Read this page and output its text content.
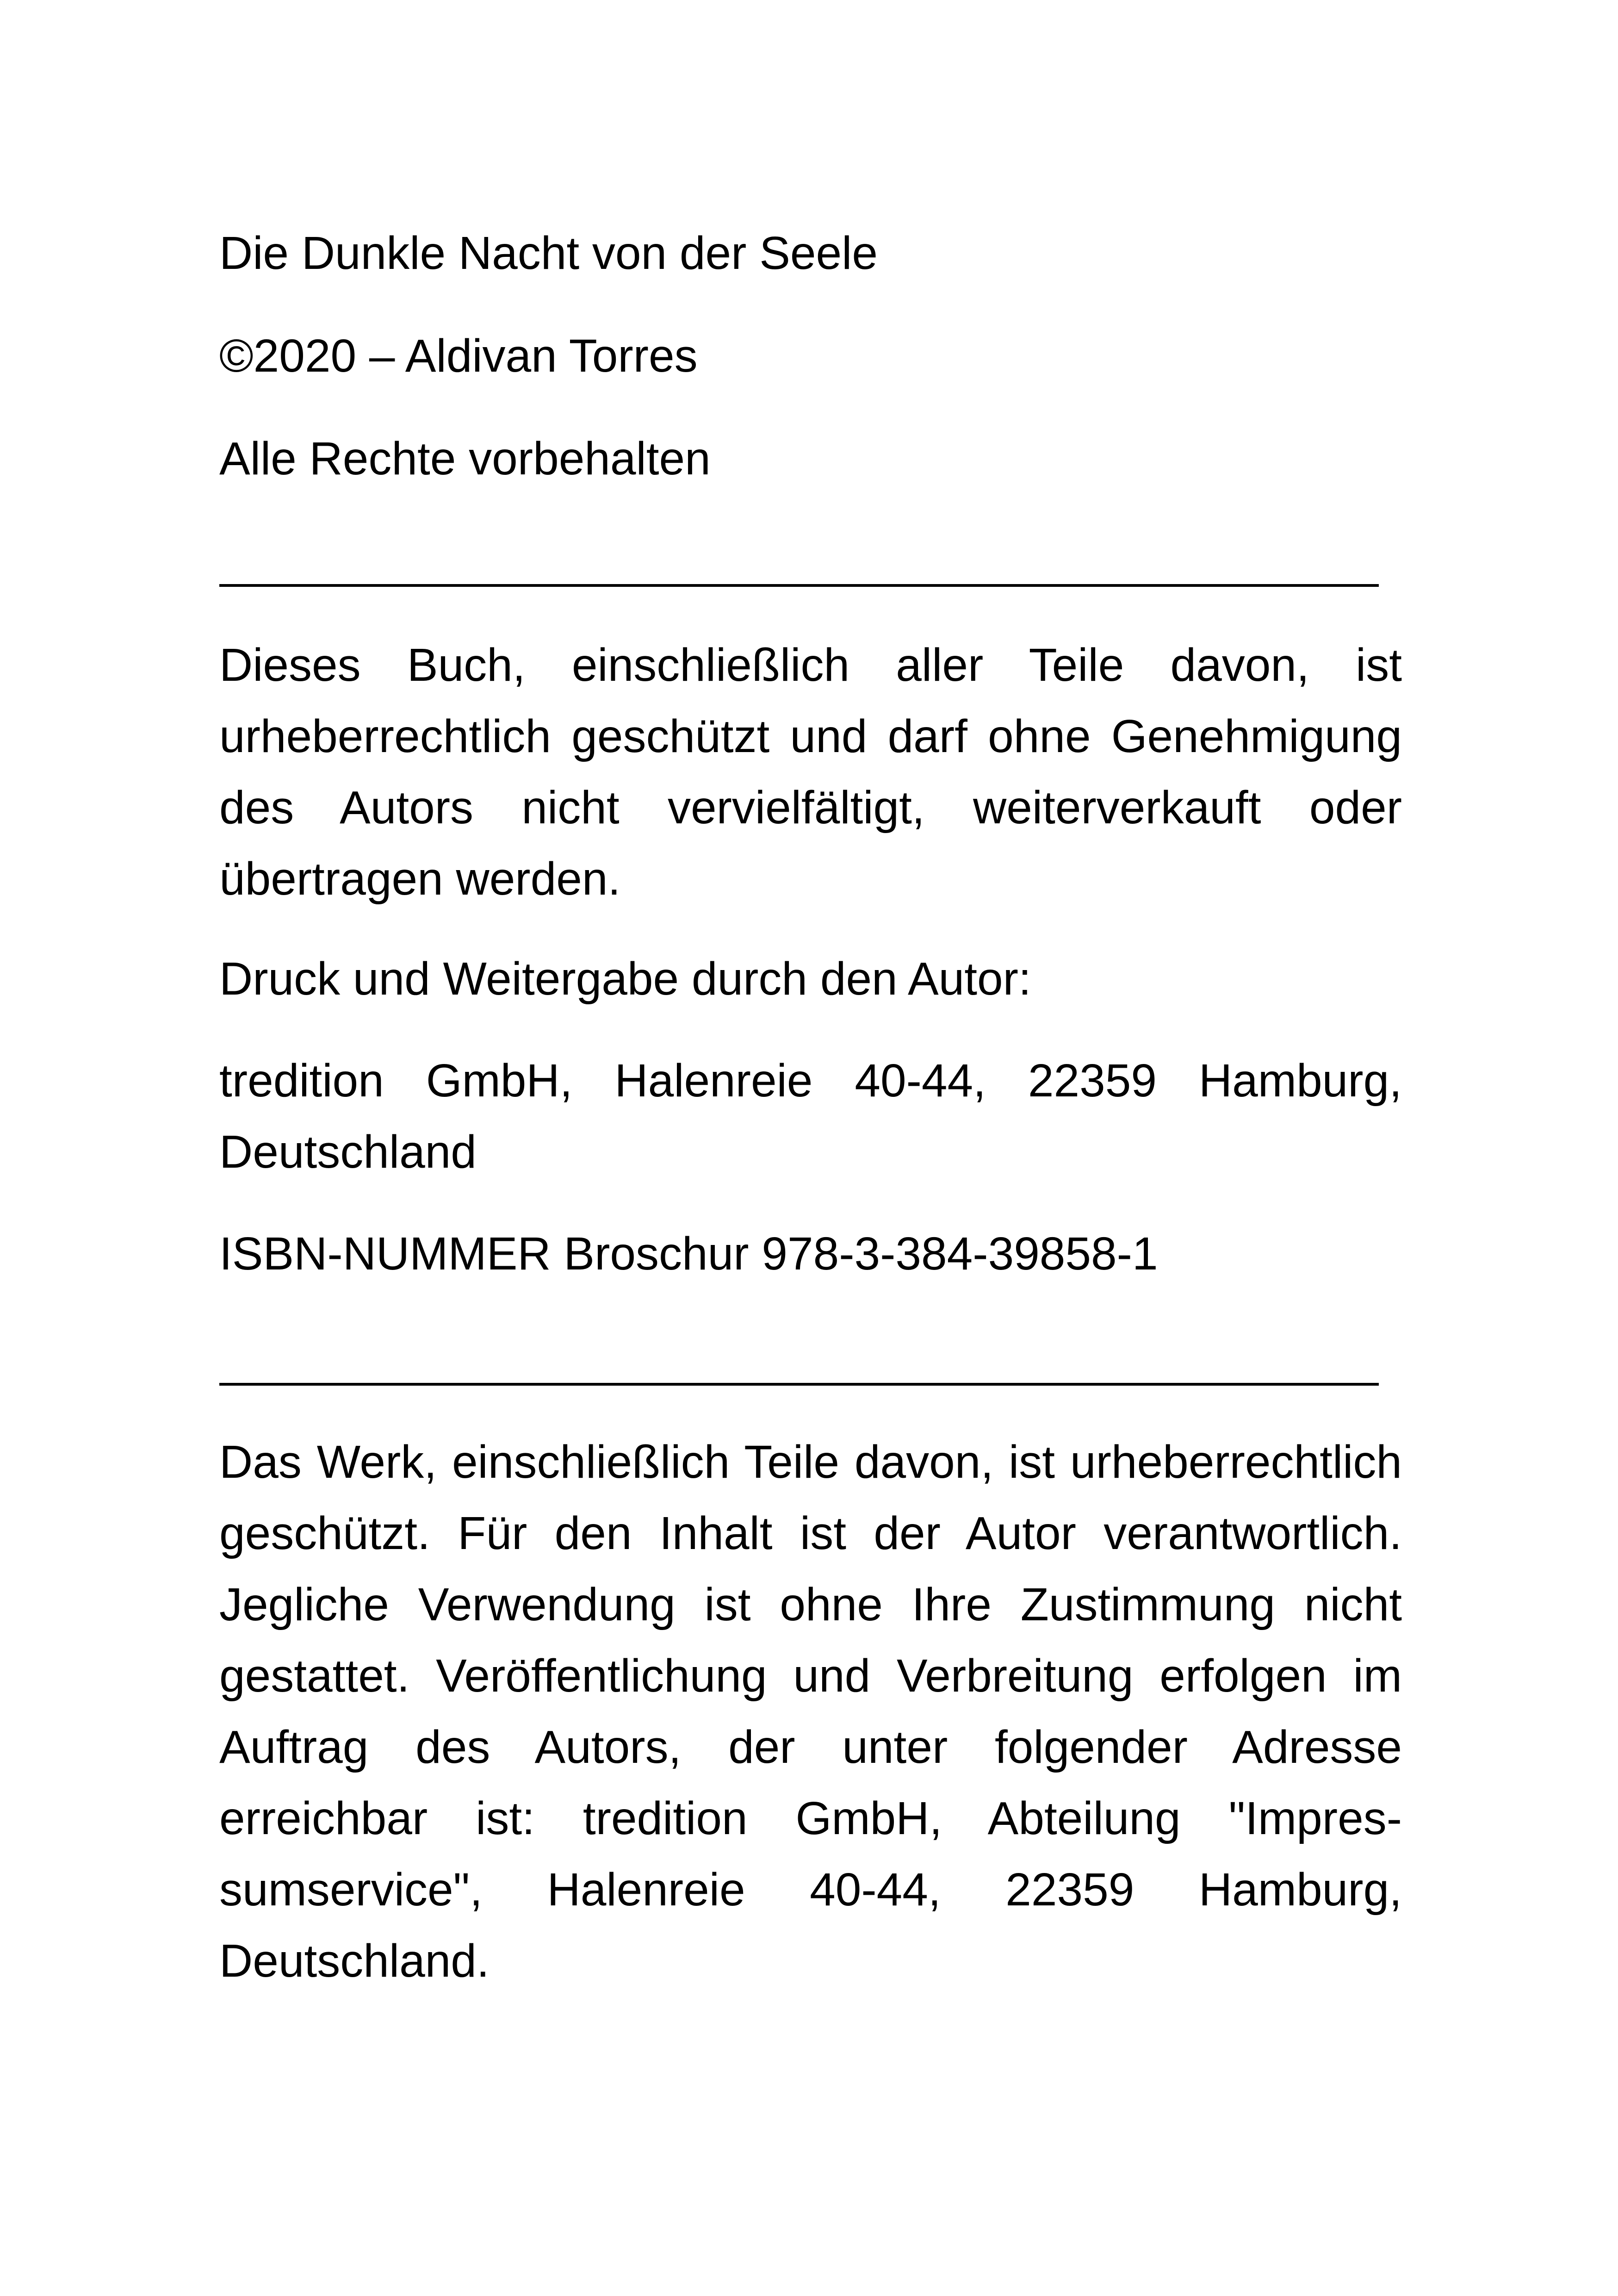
Die Dunkle Nacht von der Seele
©2020 – Aldivan Torres
Alle Rechte vorbehalten
Dieses Buch, einschließlich aller Teile davon, ist urheberrechtlich geschützt und darf ohne Genehmigung des Autors nicht vervielfältigt, weiterverkauft oder übertragen werden.
Druck und Weitergabe durch den Autor:
tredition GmbH, Halenreie 40-44, 22359 Hamburg, Deutschland
ISBN-NUMMER Broschur 978-3-384-39858-1
Das Werk, einschließlich Teile davon, ist urheberrechtlich geschützt. Für den Inhalt ist der Autor verantwortlich. Jegliche Verwendung ist ohne Ihre Zustimmung nicht gestattet. Veröffentlichung und Verbreitung erfolgen im Auftrag des Autors, der unter folgender Adresse erreichbar ist: tredition GmbH, Abteilung "Impres-sumservice", Halenreie 40-44, 22359 Hamburg, Deutschland.
